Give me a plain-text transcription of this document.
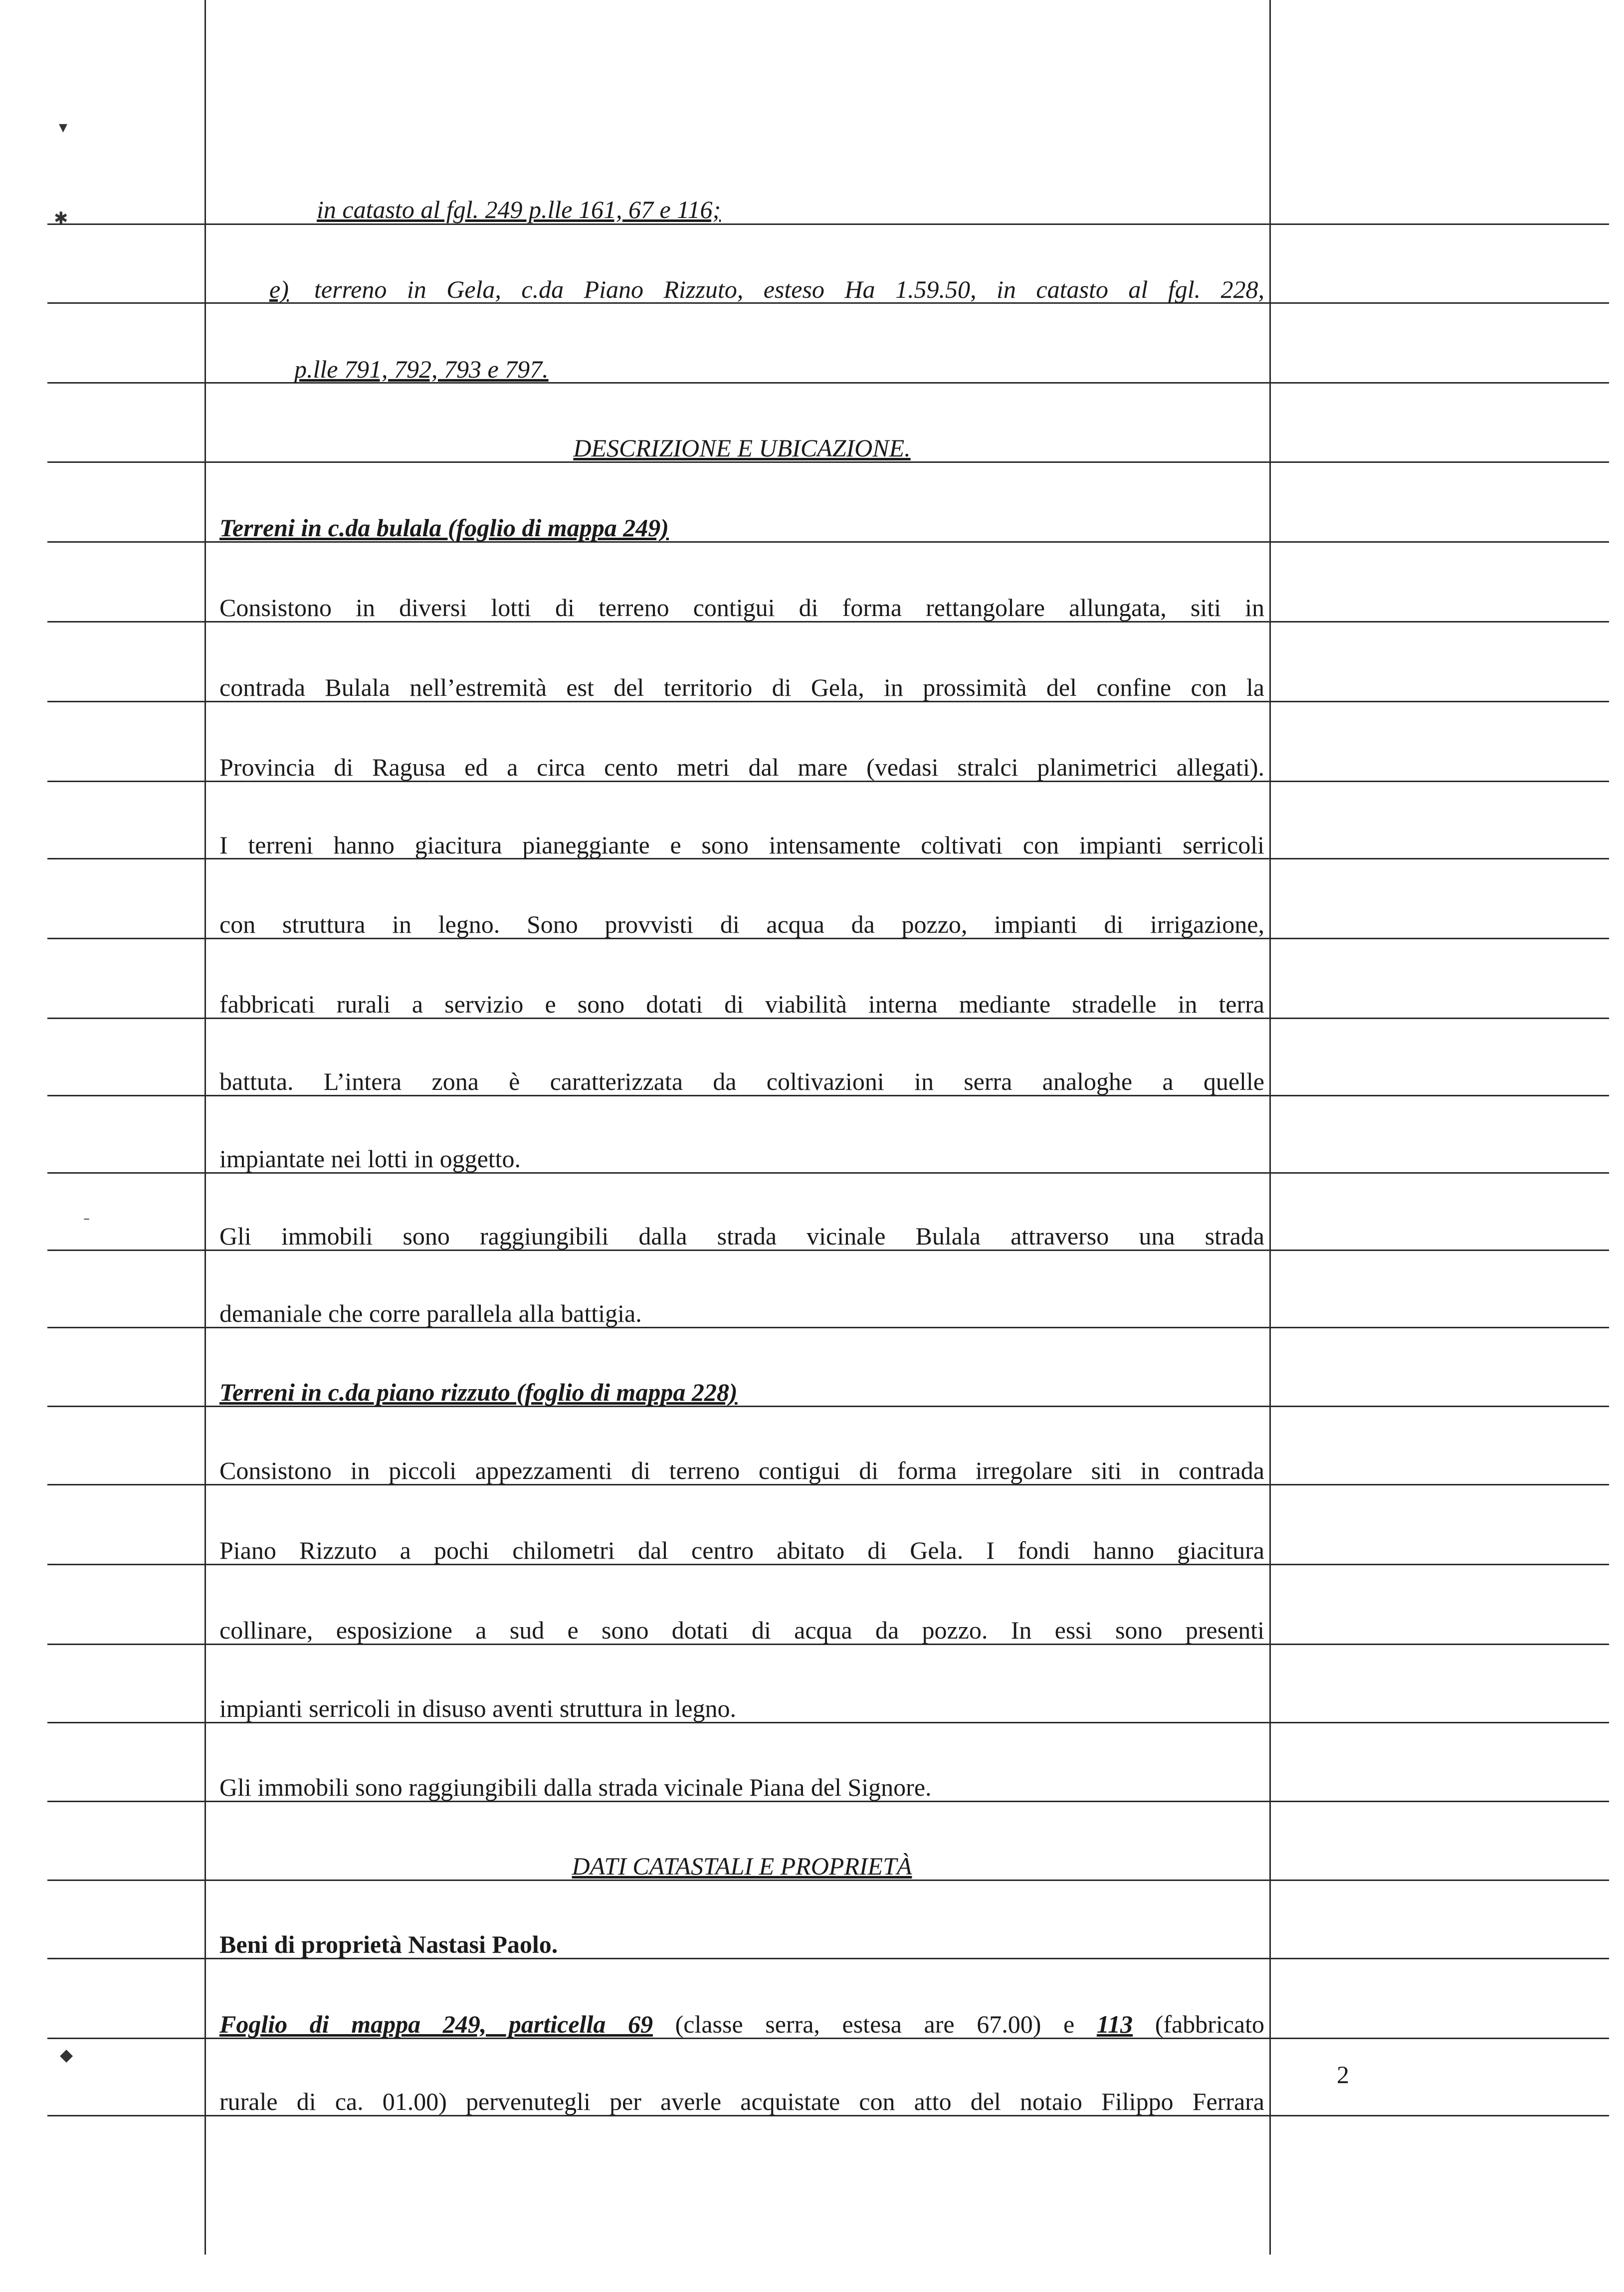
▾
✱
ˉ
◆
in catasto al fgl. 249 p.lle 161, 67 e 116;
e)	terreno in Gela, c.da Piano Rizzuto, esteso Ha 1.59.50, in catasto al fgl. 228,
p.lle 791, 792, 793 e 797.
DESCRIZIONE E UBICAZIONE.
Terreni in c.da bulala (foglio di mappa 249)
Consistono in diversi lotti di terreno contigui di forma rettangolare allungata, siti in
contrada Bulala nell’estremità est del territorio di Gela, in prossimità del confine con la
Provincia di Ragusa ed a circa cento metri dal mare (vedasi stralci planimetrici allegati).
I terreni hanno giacitura pianeggiante e sono intensamente coltivati con impianti serricoli
con struttura in legno. Sono provvisti di acqua da pozzo, impianti di irrigazione,
fabbricati rurali a servizio e sono dotati di viabilità interna mediante stradelle in terra
battuta. L’intera zona è caratterizzata da coltivazioni in serra analoghe a quelle
impiantate nei lotti in oggetto.
Gli immobili sono raggiungibili dalla strada vicinale Bulala attraverso una strada
demaniale che corre parallela alla battigia.
Terreni in c.da piano rizzuto (foglio di mappa 228)
Consistono in piccoli appezzamenti di terreno contigui di forma irregolare siti in contrada
Piano Rizzuto a pochi chilometri dal centro abitato di Gela. I fondi hanno giacitura
collinare, esposizione a sud e sono dotati di acqua da pozzo. In essi sono presenti
impianti serricoli in disuso aventi struttura in legno.
Gli immobili sono raggiungibili dalla strada vicinale Piana del Signore.
DATI CATASTALI E PROPRIETÀ
Beni di proprietà Nastasi Paolo.
Foglio di mappa 249, particella 69 (classe serra, estesa are 67.00) e 113 (fabbricato
rurale di ca. 01.00) pervenutegli per averle acquistate con atto del notaio Filippo Ferrara
2
